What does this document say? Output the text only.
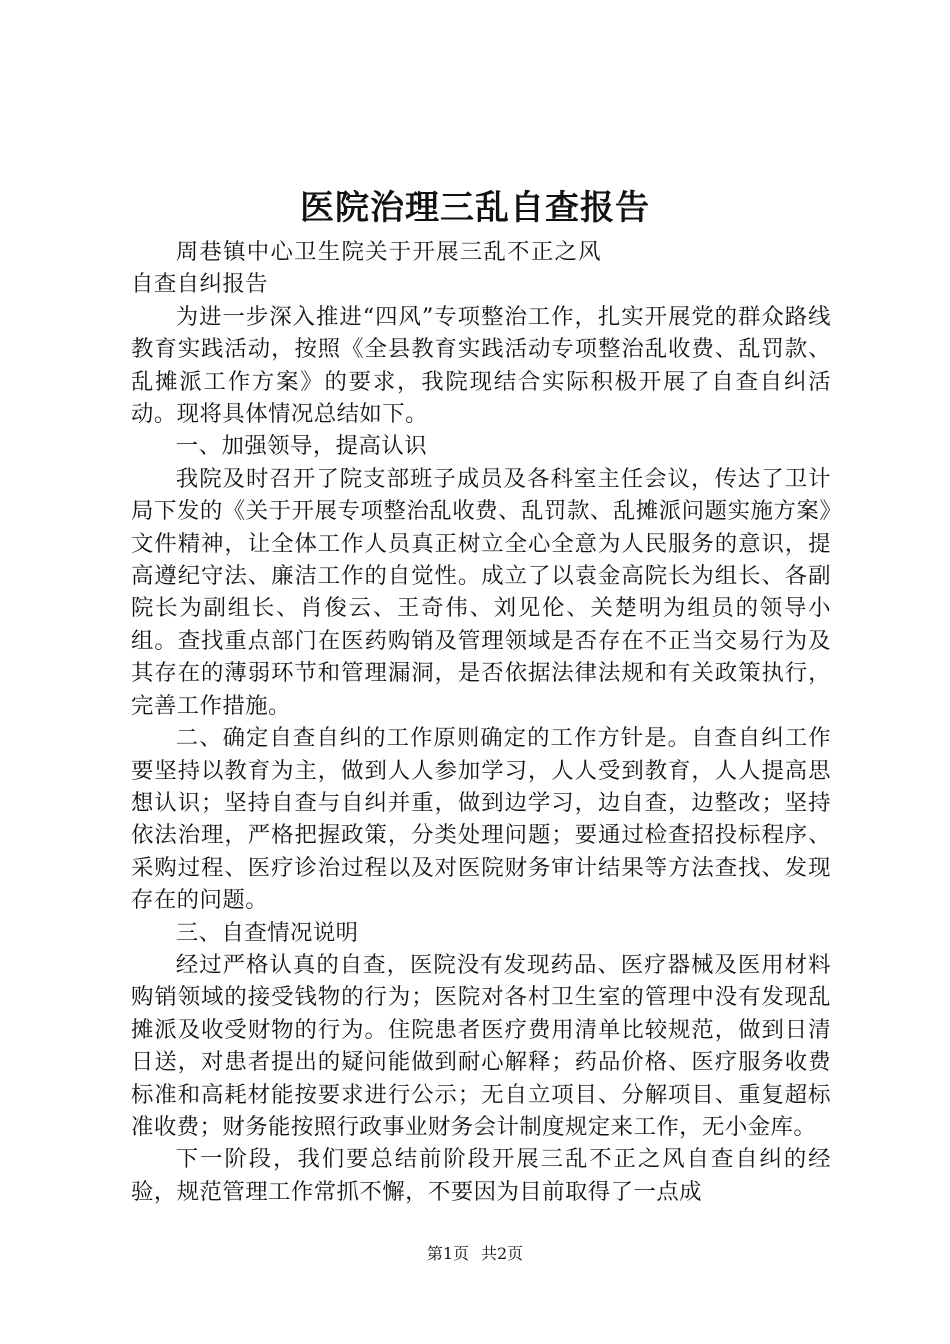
医院治理三乱自查报告

周巷镇中心卫生院关于开展三乱不正之风自查自纠报告

为进一步深入推进“四风”专项整治工作，扎实开展党的群众路线教育实践活动，按照《全县教育实践活动专项整治乱收费、乱罚款、乱摊派工作方案》的要求，我院现结合实际积极开展了自查自纠活动。现将具体情况总结如下。

一、加强领导，提高认识

我院及时召开了院支部班子成员及各科室主任会议，传达了卫计局下发的《关于开展专项整治乱收费、乱罚款、乱摊派问题实施方案》文件精神，让全体工作人员真正树立全心全意为人民服务的意识，提高遵纪守法、廉洁工作的自觉性。成立了以袁金高院长为组长、各副院长为副组长、肖俊云、王奇伟、刘见伦、关楚明为组员的领导小组。查找重点部门在医药购销及管理领域是否存在不正当交易行为及其存在的薄弱环节和管理漏洞，是否依据法律法规和有关政策执行，完善工作措施。

二、确定自查自纠的工作原则确定的工作方针是。自查自纠工作要坚持以教育为主，做到人人参加学习，人人受到教育，人人提高思想认识；坚持自查与自纠并重，做到边学习，边自查，边整改；坚持依法治理，严格把握政策，分类处理问题；要通过检查招投标程序、采购过程、医疗诊治过程以及对医院财务审计结果等方法查找、发现存在的问题。

三、自查情况说明

经过严格认真的自查，医院没有发现药品、医疗器械及医用材料购销领域的接受钱物的行为；医院对各村卫生室的管理中没有发现乱摊派及收受财物的行为。住院患者医疗费用清单比较规范，做到日清日送，对患者提出的疑问能做到耐心解释；药品价格、医疗服务收费标准和高耗材能按要求进行公示；无自立项目、分解项目、重复超标准收费；财务能按照行政事业财务会计制度规定来工作，无小金库。

下一阶段，我们要总结前阶段开展三乱不正之风自查自纠的经验，规范管理工作常抓不懈，不要因为目前取得了一点成

第1页 共2页
